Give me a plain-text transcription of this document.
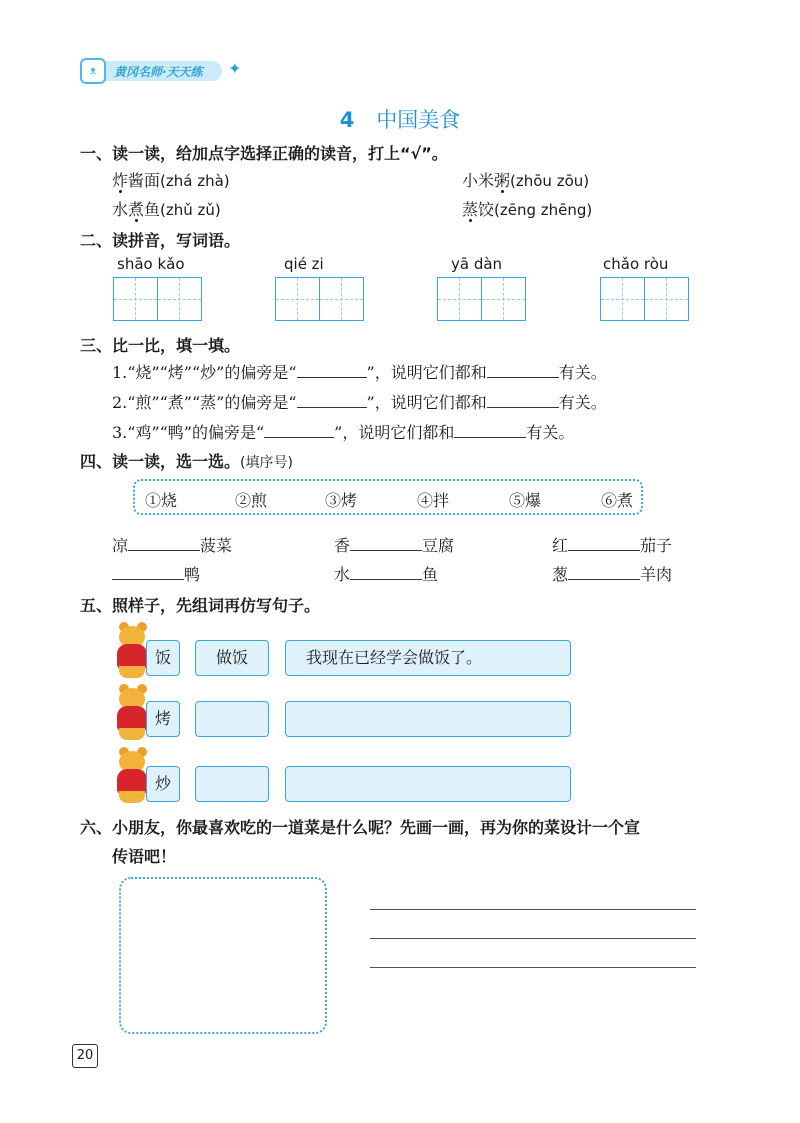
ᴥ	黄冈名师·天天练 ✦
4 中国美食
一、读一读，给加点字选择正确的读音，打上“√”。
炸酱面(zhá zhà)	小米粥(zhōu zōu)
水煮鱼(zhǔ zǔ)	蒸饺(zēng zhēng)
二、读拼音，写词语。
shāo kǎo	qié zi	yā dàn	chǎo ròu
三、比一比，填一填。
1.“烧”“烤”“炒”的偏旁是“	”，说明它们都和	有关。
2.“煎”“煮”“蒸”的偏旁是“	”，说明它们都和	有关。
3.“鸡”“鸭”的偏旁是“	”，说明它们都和	有关。
四、读一读，选一选。(填序号)
①烧	②煎	③烤	④拌	⑤爆	⑥煮
凉	菠菜	香	豆腐	红	茄子
鸭	水	鱼	葱	羊肉
五、照样子，先组词再仿写句子。
饭	做饭	我现在已经学会做饭了。
烤
炒
六、小朋友，你最喜欢吃的一道菜是什么呢？先画一画，再为你的菜设计一个宣
传语吧！
20
